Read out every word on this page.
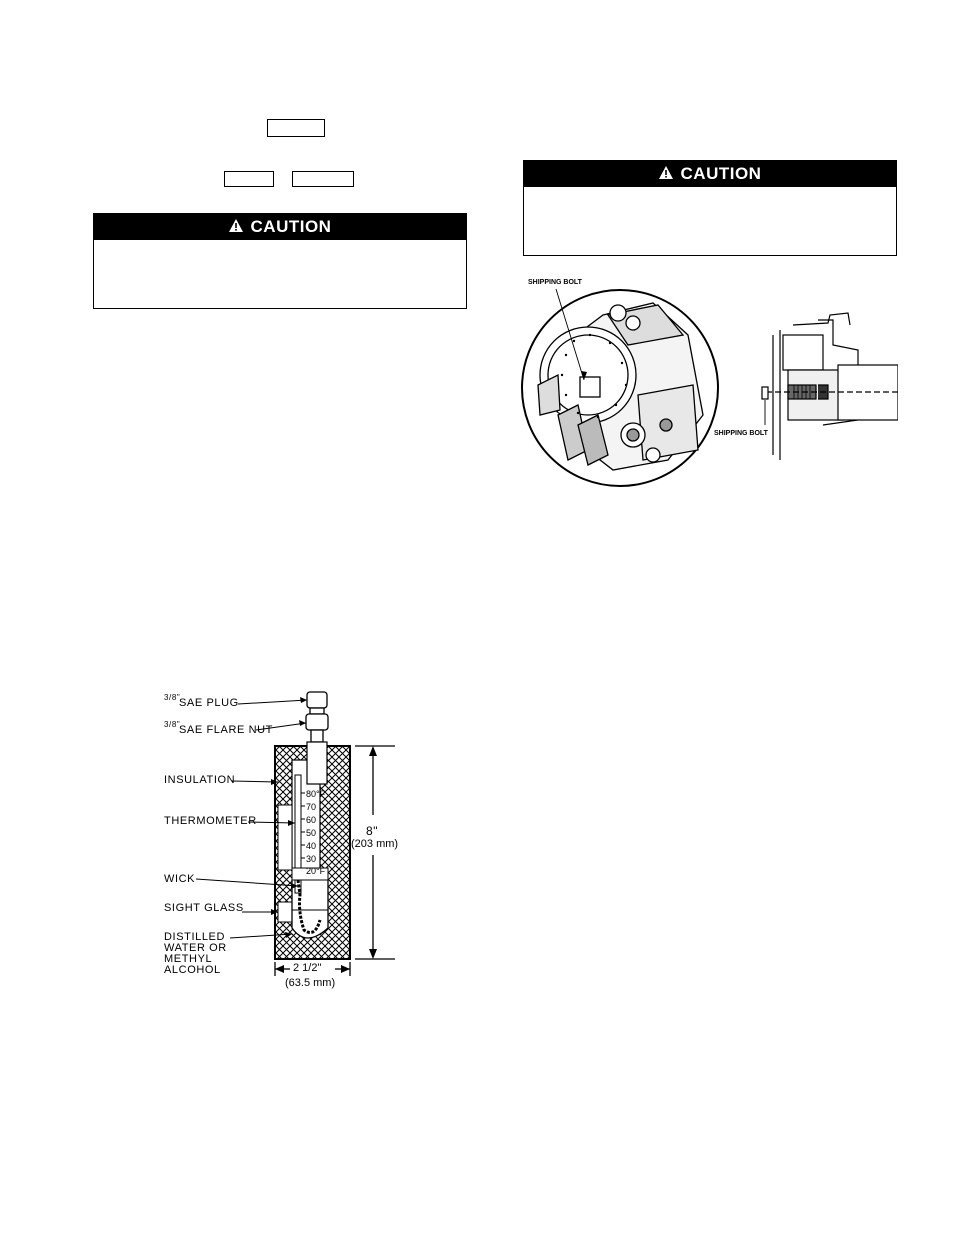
CAUTION
CAUTION
SHIPPING BOLT
SHIPPING BOLT
80°F
70
60
50
40
30
20°F
3/8"
SAE PLUG
3/8"
SAE FLARE NUT
INSULATION
THERMOMETER
WICK
SIGHT GLASS
DISTILLED
WATER OR
METHYL
ALCOHOL
8"
(203 mm)
2 1/2"
(63.5 mm)
